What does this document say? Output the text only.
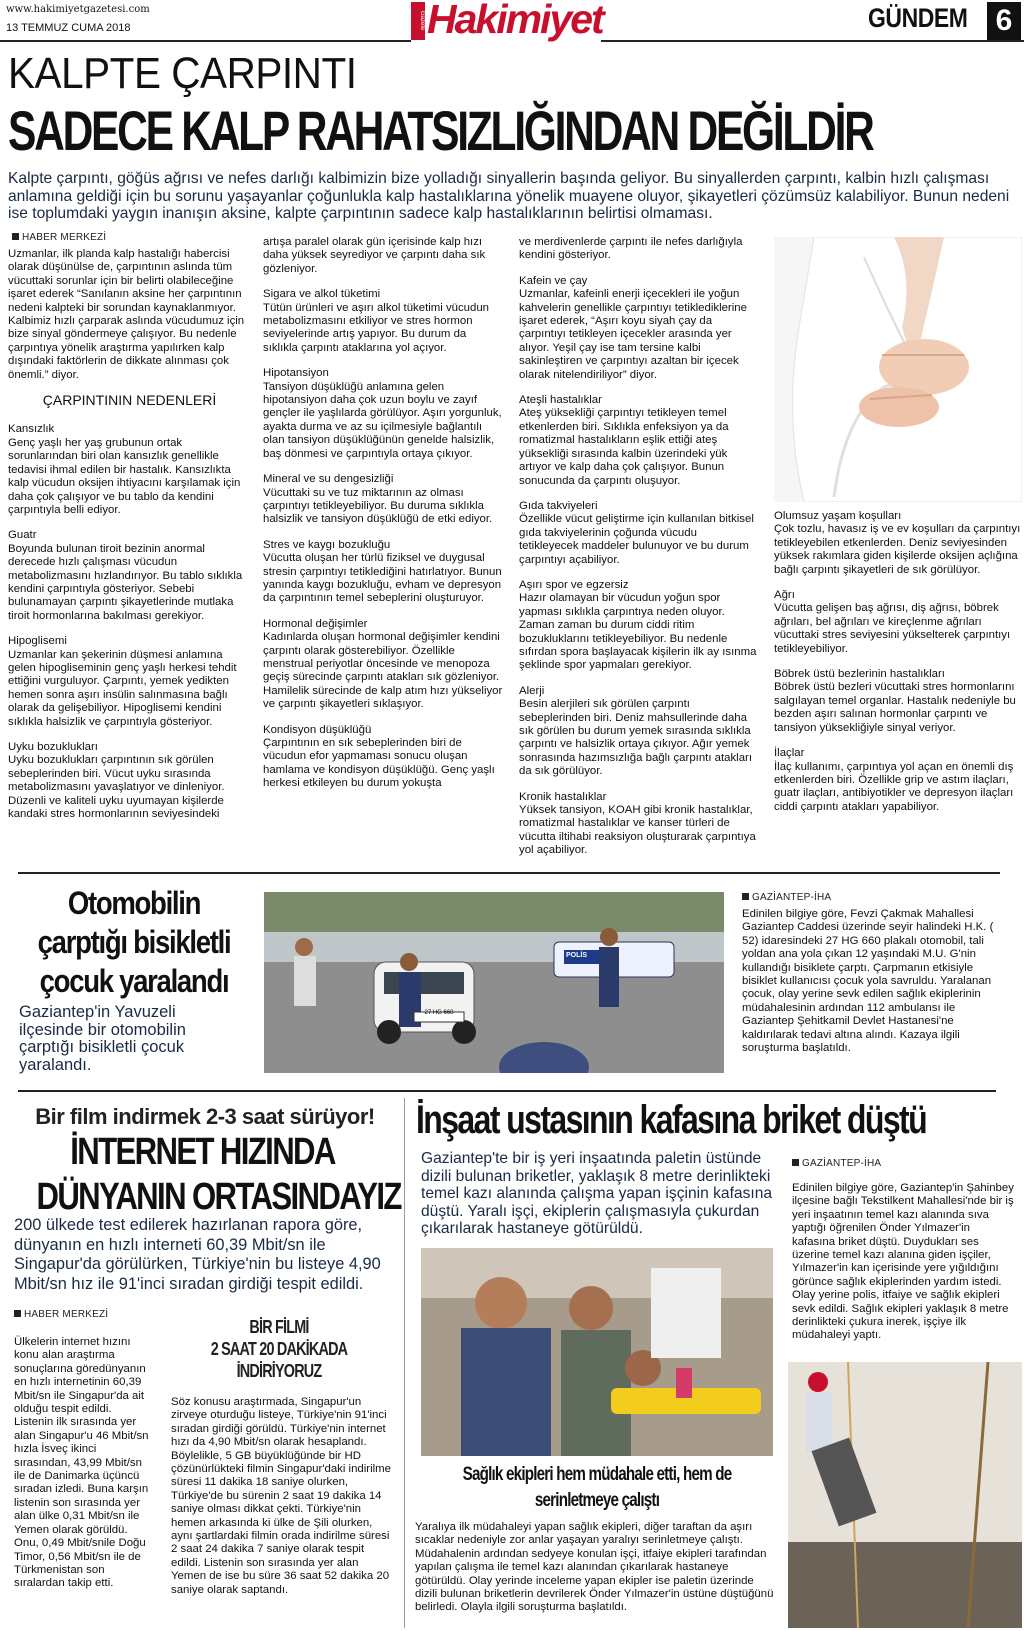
www.hakimiyetgazetesi.com
13 TEMMUZ CUMA 2018	Gazete Hakimiyet	GÜNDEM 6
KALPTE ÇARPINTI
SADECE KALP RAHATSIZLIĞINDAN DEĞİLDİR
Kalpte çarpıntı, göğüs ağrısı ve nefes darlığı kalbimizin bize yolladığı sinyallerin başında geliyor. Bu sinyallerden çarpıntı, kalbin hızlı çalışması anlamına geldiği için bu sorunu yaşayanlar çoğunlukla kalp hastalıklarına yönelik muayene oluyor, şikayetleri çözümsüz kalabiliyor. Bunun nedeni ise toplumdaki yaygın inanışın aksine, kalpte çarpıntının sadece kalp hastalıklarının belirtisi olmaması.
HABER MERKEZİ

Uzmanlar, ilk planda kalp hastalığı habercisi olarak düşünülse de, çarpıntının aslında tüm vücuttaki sorunlar için bir belirti olabileceğine işaret ederek “Sanılanın aksine her çarpıntının nedeni kalpteki bir sorundan kaynaklanmıyor. Kalbimiz hızlı çarparak aslında vücudumuz için bize sinyal göndermeye çalışıyor. Bu nedenle çarpıntıya yönelik araştırma yapılırken kalp dışındaki faktörlerin de dikkate alınması çok önemli.” diyor.

ÇARPINTININ NEDENLERİ

Kansızlık
Genç yaşlı her yaş grubunun ortak sorunlarından biri olan kansızlık genellikle tedavisi ihmal edilen bir hastalık. Kansızlıkta kalp vücudun oksijen ihtiyacını karşılamak için daha çok çalışıyor ve bu tablo da kendini çarpıntıyla belli ediyor.

Guatr
Boyunda bulunan tiroit bezinin anormal derecede hızlı çalışması vücudun metabolizmasını hızlandırıyor. Bu tablo sıklıkla kendini çarpıntıyla gösteriyor. Sebebi bulunamayan çarpıntı şikayetlerinde mutlaka tiroit hormonlarına bakılması gerekiyor.

Hipoglisemi
Uzmanlar kan şekerinin düşmesi anlamına gelen hipogliseminin genç yaşlı herkesi tehdit ettiğini vurguluyor. Çarpıntı, yemek yedikten hemen sonra aşırı insülin salınmasına bağlı olarak da gelişebiliyor. Hipoglisemi kendini sıklıkla halsizlik ve çarpıntıyla gösteriyor.

Uyku bozuklukları
Uyku bozuklukları çarpıntının sık görülen sebeplerinden biri. Vücut uyku sırasında metabolizmasını yavaşlatıyor ve dinleniyor. Düzenli ve kaliteli uyku uyumayan kişilerde kandaki stres hormonlarının seviyesindeki

artışa paralel olarak gün içerisinde kalp hızı daha yüksek seyrediyor ve çarpıntı daha sık gözleniyor.

Sigara ve alkol tüketimi
Tütün ürünleri ve aşırı alkol tüketimi vücudun metabolizmasını etkiliyor ve stres hormon seviyelerinde artış yapıyor. Bu durum da sıklıkla çarpıntı ataklarına yol açıyor.

Hipotansiyon
Tansiyon düşüklüğü anlamına gelen hipotansiyon daha çok uzun boylu ve zayıf gençler ile yaşlılarda görülüyor. Aşırı yorgunluk, ayakta durma ve az su içilmesiyle bağlantılı olan tansiyon düşüklüğünün genelde halsizlik, baş dönmesi ve çarpıntıyla ortaya çıkıyor.

Mineral ve su dengesizliği
Vücuttaki su ve tuz miktarının az olması çarpıntıyı tetikleyebiliyor. Bu duruma sıklıkla halsizlik ve tansiyon düşüklüğü de etki ediyor.

Stres ve kaygı bozukluğu
Vücutta oluşan her türlü fiziksel ve duygusal stresin çarpıntıyı tetiklediğini hatırlatıyor. Bunun yanında kaygı bozukluğu, evham ve depresyon da çarpıntının temel sebeplerini oluşturuyor.

Hormonal değişimler
Kadınlarda oluşan hormonal değişimler kendini çarpıntı olarak gösterebiliyor. Özellikle menstrual periyotlar öncesinde ve menopoza geçiş sürecinde çarpıntı atakları sık gözleniyor. Hamilelik sürecinde de kalp atım hızı yükseliyor ve çarpıntı şikayetleri sıklaşıyor.

Kondisyon düşüklüğü
Çarpıntının en sık sebeplerinden biri de vücudun efor yapmaması sonucu oluşan hamlama ve kondisyon düşüklüğü. Genç yaşlı herkesi etkileyen bu durum yokuşta

ve merdivenlerde çarpıntı ile nefes darlığıyla kendini gösteriyor.

Kafein ve çay
Uzmanlar, kafeinli enerji içecekleri ile yoğun kahvelerin genellikle çarpıntıyı tetiklediklerine işaret ederek, “Aşırı koyu siyah çay da çarpıntıyı tetikleyen içecekler arasında yer alıyor. Yeşil çay ise tam tersine kalbi sakinleştiren ve çarpıntıyı azaltan bir içecek olarak nitelendiriliyor” diyor.

Ateşli hastalıklar
Ateş yüksekliği çarpıntıyı tetikleyen temel etkenlerden biri. Sıklıkla enfeksiyon ya da romatizmal hastalıkların eşlik ettiği ateş yüksekliği sırasında kalbin üzerindeki yük artıyor ve kalp daha çok çalışıyor. Bunun sonucunda da çarpıntı oluşuyor.

Gıda takviyeleri
Özellikle vücut geliştirme için kullanılan bitkisel gıda takviyelerinin çoğunda vücudu tetikleyecek maddeler bulunuyor ve bu durum çarpıntıyı açabiliyor.

Aşırı spor ve egzersiz
Hazır olamayan bir vücudun yoğun spor yapması sıklıkla çarpıntıya neden oluyor. Zaman zaman bu durum ciddi ritim bozukluklarını tetikleyebiliyor. Bu nedenle sıfırdan spora başlayacak kişilerin ilk ay ısınma şeklinde spor yapmaları gerekiyor.

Alerji
Besin alerjileri sık görülen çarpıntı sebeplerinden biri. Deniz mahsullerinde daha sık görülen bu durum yemek sırasında sıklıkla çarpıntı ve halsizlik ortaya çıkıyor. Ağır yemek sonrasında hazımsızlığa bağlı çarpıntı atakları da sık görülüyor.

Kronik hastalıklar
Yüksek tansiyon, KOAH gibi kronik hastalıklar, romatizmal hastalıklar ve kanser türleri de vücutta iltihabi reaksiyon oluşturarak çarpıntıya yol açabiliyor.

Olumsuz yaşam koşulları
Çok tozlu, havasız iş ve ev koşulları da çarpıntıyı tetikleyebilen etkenlerden. Deniz seviyesinden yüksek rakımlara giden kişilerde oksijen açlığına bağlı çarpıntı şikayetleri de sık görülüyor.

Ağrı
Vücutta gelişen baş ağrısı, diş ağrısı, böbrek ağrıları, bel ağrıları ve kireçlenme ağrıları vücuttaki stres seviyesini yükselterek çarpıntıyı tetikleyebiliyor.

Böbrek üstü bezlerinin hastalıkları
Böbrek üstü bezleri vücuttaki stres hormonlarını salgılayan temel organlar. Hastalık nedeniyle bu bezden aşırı salınan hormonlar çarpıntı ve tansiyon yüksekliğiyle sinyal veriyor.

İlaçlar
İlaç kullanımı, çarpıntıya yol açan en önemli dış etkenlerden biri. Özellikle grip ve astım ilaçları, guatr ilaçları, antibiyotikler ve depresyon ilaçları ciddi çarpıntı atakları yapabiliyor.

Otomobilin
çarptığı bisikletli
çocuk yaralandı
Gaziantep'in Yavuzeli ilçesinde bir otomobilin çarptığı bisikletli çocuk yaralandı.
27 HG 660
POLİS
GAZİANTEP-İHA
Edinilen bilgiye göre, Fevzi Çakmak Mahallesi Gaziantep Caddesi üzerinde seyir halindeki H.K. ( 52) idaresindeki 27 HG 660 plakalı otomobil, tali yoldan ana yola çıkan 12 yaşındaki M.U. G'nin kullandığı bisiklete çarptı. Çarpmanın etkisiyle bisiklet kullanıcısı çocuk yola savruldu. Yaralanan çocuk, olay yerine sevk edilen sağlık ekiplerinin müdahalesinin ardından 112 ambulansı ile Gaziantep Şehitkamil Devlet Hastanesi'ne kaldırılarak tedavi altına alındı. Kazaya ilgili soruşturma başlatıldı.
Bir film indirmek 2-3 saat sürüyor!
İNTERNET HIZINDA
DÜNYANIN ORTASINDAYIZ
200 ülkede test edilerek hazırlanan rapora göre, dünyanın en hızlı interneti 60,39 Mbit/sn ile Singapur'da görülürken, Türkiye'nin bu listeye 4,90 Mbit/sn hız ile 91'inci sıradan girdiği tespit edildi.
HABER MERKEZİ
Ülkelerin internet hızını konu alan araştırma sonuçlarına göredünyanın en hızlı internetinin 60,39 Mbit/sn ile Singapur'da ait olduğu tespit edildi. Listenin ilk sırasında yer alan Singapur'u 46 Mbit/sn hızla İsveç ikinci sırasından, 43,99 Mbit/sn ile de Danimarka üçüncü sıradan izledi. Buna karşın listenin son sırasında yer alan ülke 0,31 Mbit/sn ile Yemen olarak görüldü. Onu, 0,49 Mbit/snile Doğu Timor, 0,56 Mbit/sn ile de Türkmenistan son sıralardan takip etti.
BİR FİLMİ
2 SAAT 20 DAKİKADA
İNDİRİYORUZ
Söz konusu araştırmada, Singapur'un zirveye oturduğu listeye, Türkiye'nin 91'inci sıradan girdiği görüldü. Türkiye'nin internet hızı da 4,90 Mbit/sn olarak hesaplandı. Böylelikle, 5 GB büyüklüğünde bir HD çözünürlükteki filmin Singapur'daki indirilme süresi 11 dakika 18 saniye olurken, Türkiye'de bu sürenin 2 saat 19 dakika 14 saniye olması dikkat çekti. Türkiye'nin hemen arkasında ki ülke de Şili olurken, aynı şartlardaki filmin orada indirilme süresi 2 saat 24 dakika 7 saniye olarak tespit edildi. Listenin son sırasında yer alan Yemen de ise bu süre 36 saat 52 dakika 20 saniye olarak saptandı.
İnşaat ustasının kafasına briket düştü
Gaziantep'te bir iş yeri inşaatında paletin üstünde dizili bulunan briketler, yaklaşık 8 metre derinlikteki temel kazı alanında çalışma yapan işçinin kafasına düştü. Yaralı işçi, ekiplerin çalışmasıyla çukurdan çıkarılarak hastaneye götürüldü.
GAZİANTEP-İHA
Edinilen bilgiye göre, Gaziantep'in Şahinbey ilçesine bağlı Tekstilkent Mahallesi'nde bir iş yeri inşaatının temel kazı alanında sıva yaptığı öğrenilen Önder Yılmazer'in kafasına briket düştü. Duydukları ses üzerine temel kazı alanına giden işçiler, Yılmazer'in kan içerisinde yere yığıldığını görünce sağlık ekiplerinden yardım istedi. Olay yerine polis, itfaiye ve sağlık ekipleri sevk edildi. Sağlık ekipleri yaklaşık 8 metre derinlikteki çukura inerek, işçiye ilk müdahaleyi yaptı.
Sağlık ekipleri hem müdahale etti, hem de
serinletmeye çalıştı
Yaralıya ilk müdahaleyi yapan sağlık ekipleri, diğer taraftan da aşırı sıcaklar nedeniyle zor anlar yaşayan yaralıyı serinletmeye çalıştı. Müdahalenin ardından sedyeye konulan işçi, itfaiye ekipleri tarafından yapılan çalışma ile temel kazı alanından çıkarılarak hastaneye götürüldü. Olay yerinde inceleme yapan ekipler ise paletin üzerinde dizili bulunan briketlerin devrilerek Önder Yılmazer'in üstüne düştüğünü belirledi. Olayla ilgili soruşturma başlatıldı.
